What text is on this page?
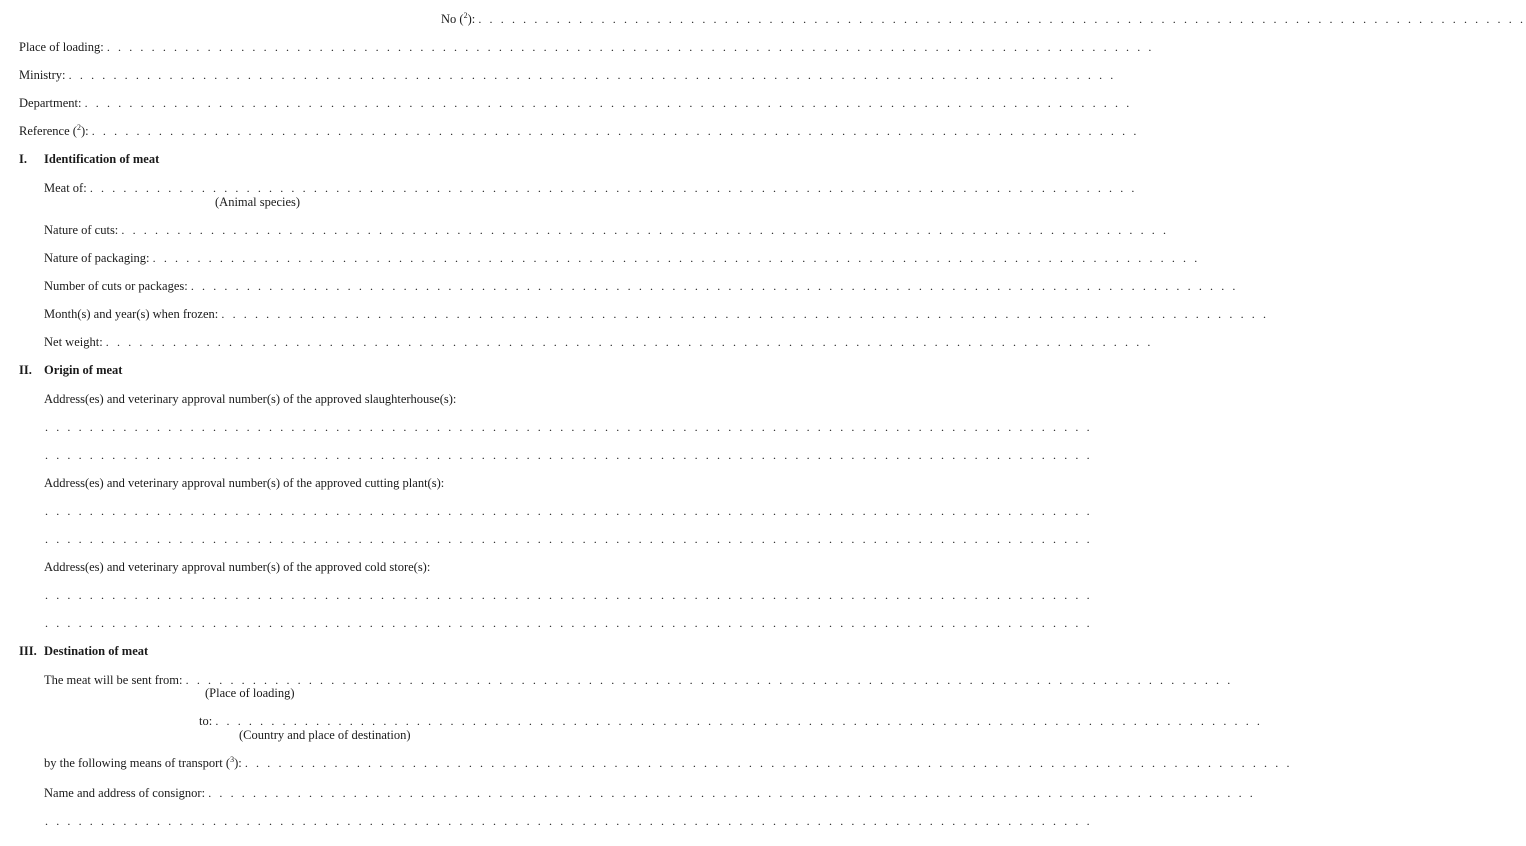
No ($^2$): . . . . . . . . . . . . . . . . . . . . . . . . . . . . . . . . . . . . . . . . . . . . . . . . . . . . . . . . . . . . . . . . . . . . . . . . . . . . . . . . . . . . . . . . . . . . . .
Place of loading: . . . . . . . . . . . . . . . . . . . . . . . . . . . . . . . . . . . . . . . . . . . . . . . . . . . . . . . . . . . . . . . . . . . . . . . . . . . . . . . . . . . . . . . . . . . . . .
Ministry: . . . . . . . . . . . . . . . . . . . . . . . . . . . . . . . . . . . . . . . . . . . . . . . . . . . . . . . . . . . . . . . . . . . . . . . . . . . . . . . . . . . . . . . . . . . . . .
Department: . . . . . . . . . . . . . . . . . . . . . . . . . . . . . . . . . . . . . . . . . . . . . . . . . . . . . . . . . . . . . . . . . . . . . . . . . . . . . . . . . . . . . . . . . . . . . .
Reference ($^2$): . . . . . . . . . . . . . . . . . . . . . . . . . . . . . . . . . . . . . . . . . . . . . . . . . . . . . . . . . . . . . . . . . . . . . . . . . . . . . . . . . . . . . . . . . . . . . .
I. Identification of meat
Meat of: . . . . . . . . . . . . . . . . . . . . . . . . . . . . . . . . . . . . . . . . . . . . . . . . . . . . . . . . . . . . . . . . . . . . . . . . . . . . . . . . . . . . . . . . . . . . . .
(Animal species)
Nature of cuts: . . . . . . . . . . . . . . . . . . . . . . . . . . . . . . . . . . . . . . . . . . . . . . . . . . . . . . . . . . . . . . . . . . . . . . . . . . . . . . . . . . . . . . . . . . . . . .
Nature of packaging: . . . . . . . . . . . . . . . . . . . . . . . . . . . . . . . . . . . . . . . . . . . . . . . . . . . . . . . . . . . . . . . . . . . . . . . . . . . . . . . . . . . . . . . . . . . . . .
Number of cuts or packages: . . . . . . . . . . . . . . . . . . . . . . . . . . . . . . . . . . . . . . . . . . . . . . . . . . . . . . . . . . . . . . . . . . . . . . . . . . . . . . . . . . . . . . . . . . . . . .
Month(s) and year(s) when frozen: . . . . . . . . . . . . . . . . . . . . . . . . . . . . . . . . . . . . . . . . . . . . . . . . . . . . . . . . . . . . . . . . . . . . . . . . . . . . . . . . . . . . . . . . . . . . . .
Net weight: . . . . . . . . . . . . . . . . . . . . . . . . . . . . . . . . . . . . . . . . . . . . . . . . . . . . . . . . . . . . . . . . . . . . . . . . . . . . . . . . . . . . . . . . . . . . . .
II. Origin of meat
Address(es) and veterinary approval number(s) of the approved slaughterhouse(s):
. . . . . . . . . . . . . . . . . . . . . . . . . . . . . . . . . . . . . . . . . . . . . . . . . . . . . . . . . . . . . . . . . . . . . . . . . . . . . . . . . . . . . . . . . . . . . .
. . . . . . . . . . . . . . . . . . . . . . . . . . . . . . . . . . . . . . . . . . . . . . . . . . . . . . . . . . . . . . . . . . . . . . . . . . . . . . . . . . . . . . . . . . . . . .
Address(es) and veterinary approval number(s) of the approved cutting plant(s):
. . . . . . . . . . . . . . . . . . . . . . . . . . . . . . . . . . . . . . . . . . . . . . . . . . . . . . . . . . . . . . . . . . . . . . . . . . . . . . . . . . . . . . . . . . . . . .
. . . . . . . . . . . . . . . . . . . . . . . . . . . . . . . . . . . . . . . . . . . . . . . . . . . . . . . . . . . . . . . . . . . . . . . . . . . . . . . . . . . . . . . . . . . . . .
Address(es) and veterinary approval number(s) of the approved cold store(s):
. . . . . . . . . . . . . . . . . . . . . . . . . . . . . . . . . . . . . . . . . . . . . . . . . . . . . . . . . . . . . . . . . . . . . . . . . . . . . . . . . . . . . . . . . . . . . .
. . . . . . . . . . . . . . . . . . . . . . . . . . . . . . . . . . . . . . . . . . . . . . . . . . . . . . . . . . . . . . . . . . . . . . . . . . . . . . . . . . . . . . . . . . . . . .
III. Destination of meat
The meat will be sent from: . . . . . . . . . . . . . . . . . . . . . . . . . . . . . . . . . . . . . . . . . . . . . . . . . . . . . . . . . . . . . . . . . . . . . . . . . . . . . . . . . . . . . . . . . . . . . .
(Place of loading)
to: . . . . . . . . . . . . . . . . . . . . . . . . . . . . . . . . . . . . . . . . . . . . . . . . . . . . . . . . . . . . . . . . . . . . . . . . . . . . . . . . . . . . . . . . . . . . . .
(Country and place of destination)
by the following means of transport ($^3$): . . . . . . . . . . . . . . . . . . . . . . . . . . . . . . . . . . . . . . . . . . . . . . . . . . . . . . . . . . . . . . . . . . . . . . . . . . . . . . . . . . . . . . . . . . . . . .
Name and address of consignor: . . . . . . . . . . . . . . . . . . . . . . . . . . . . . . . . . . . . . . . . . . . . . . . . . . . . . . . . . . . . . . . . . . . . . . . . . . . . . . . . . . . . . . . . . . . . . .
. . . . . . . . . . . . . . . . . . . . . . . . . . . . . . . . . . . . . . . . . . . . . . . . . . . . . . . . . . . . . . . . . . . . . . . . . . . . . . . . . . . . . . . . . . . . . .
